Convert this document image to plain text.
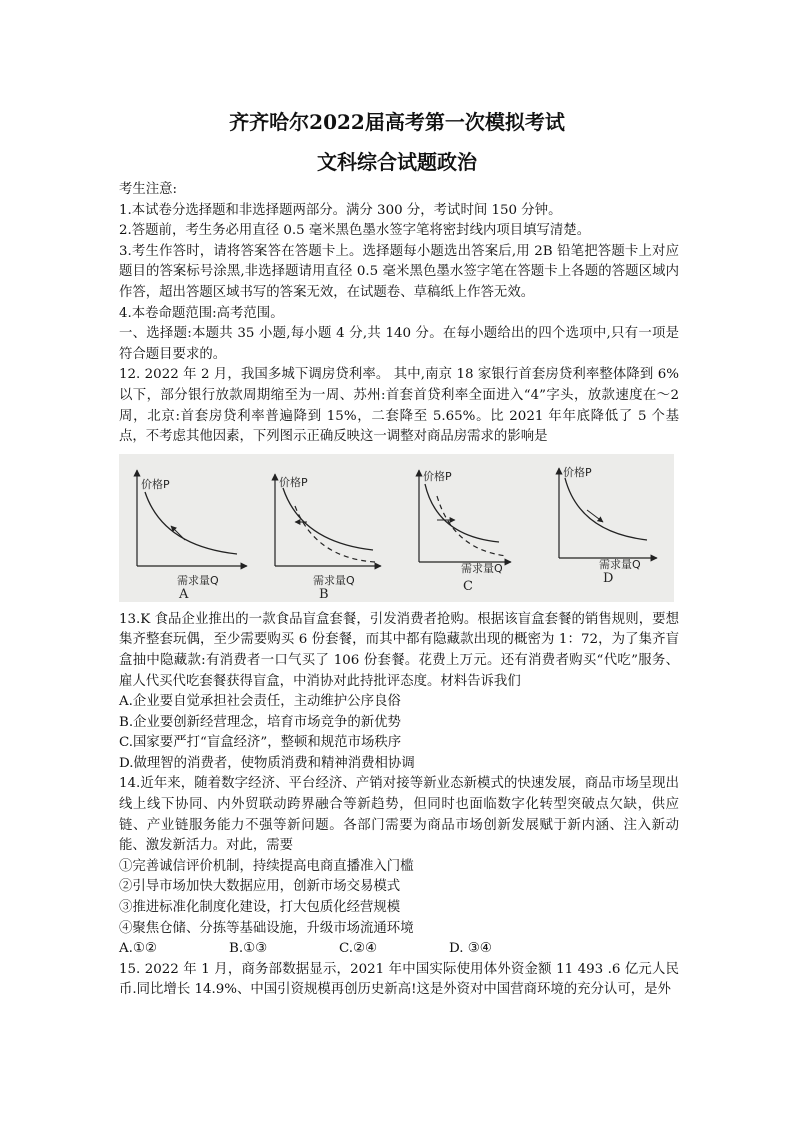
齐齐哈尔2022届高考第一次模拟考试
文科综合试题政治

考生注意:

1.本试卷分选择题和非选择题两部分。满分 300 分，考试时间 150 分钟。

2.答题前，考生务必用直径 0.5 毫米黑色墨水签字笔将密封线内项目填写清楚。

3.考生作答时，请将答案答在答题卡上。选择题每小题选出答案后,用 2B 铅笔把答题卡上对应题目的答案标号涂黑,非选择题请用直径 0.5 毫米黑色墨水签字笔在答题卡上各题的答题区域内作答，超出答题区域书写的答案无效，在试题卷、草稿纸上作答无效。

4.本卷命题范围:高考范围。

一、选择题:本题共 35 小题,每小题 4 分,共 140 分。在每小题给出的四个选项中,只有一项是符合题目要求的。

12. 2022 年 2 月，我国多城下调房贷利率。 其中,南京 18 家银行首套房贷利率整体降到 6%以下，部分银行放款周期缩至为一周、苏州:首套首贷利率全面进入“4”字头，放款速度在～2 周，北京:首套房贷利率普遍降到 15%，二套降至 5.65%。比 2021 年年底降低了 5 个基点，不考虑其他因素，下列图示正确反映这一调整对商品房需求的影响是

价格P
需求量Q
A
价格P
需求量Q
B
价格P
需求量Q
C
价格P
需求量Q
D

13.K 食品企业推出的一款食品盲盒套餐，引发消费者抢购。根据该盲盒套餐的销售规则，要想集齐整套玩偶，至少需要购买 6 份套餐，而其中都有隐藏款出现的概密为 1：72，为了集齐盲盒抽中隐藏款:有消费者一口气买了 106 份套餐。花费上万元。还有消费者购买“代吃”服务、雇人代买代吃套餐获得盲盒，中消协对此持批评态度。材料告诉我们

A.企业要自觉承担社会责任，主动维护公序良俗

B.企业要创新经营理念，培育市场竞争的新优势

C.国家要严打“盲盒经济”，整顿和规范市场秩序

D.做理智的消费者，使物质消费和精神消费相协调

14.近年来，随着数字经济、平台经济、产销对接等新业态新模式的快速发展，商品市场呈现出线上线下协同、内外贸联动跨界融合等新趋势，但同时也面临数字化转型突破点欠缺，供应链、产业链服务能力不强等新问题。各部门需要为商品市场创新发展赋于新内涵、注入新动能、激发新活力。对此，需要

①完善诚信评价机制，持续提高电商直播准入门槛

②引导市场加快大数据应用，创新市场交易模式

③推进标准化制度化建设，打大包质化经营规模

④聚焦仓储、分拣等基础设施，升级市场流通环境

A.①②	B.①③	C.②④	D. ③④

15. 2022 年 1 月，商务部数据显示，2021 年中国实际使用体外资金额 11 493 .6 亿元人民币.同比增长 14.9%、中国引资规模再创历史新高!这是外资对中国营商环境的充分认可，是外
